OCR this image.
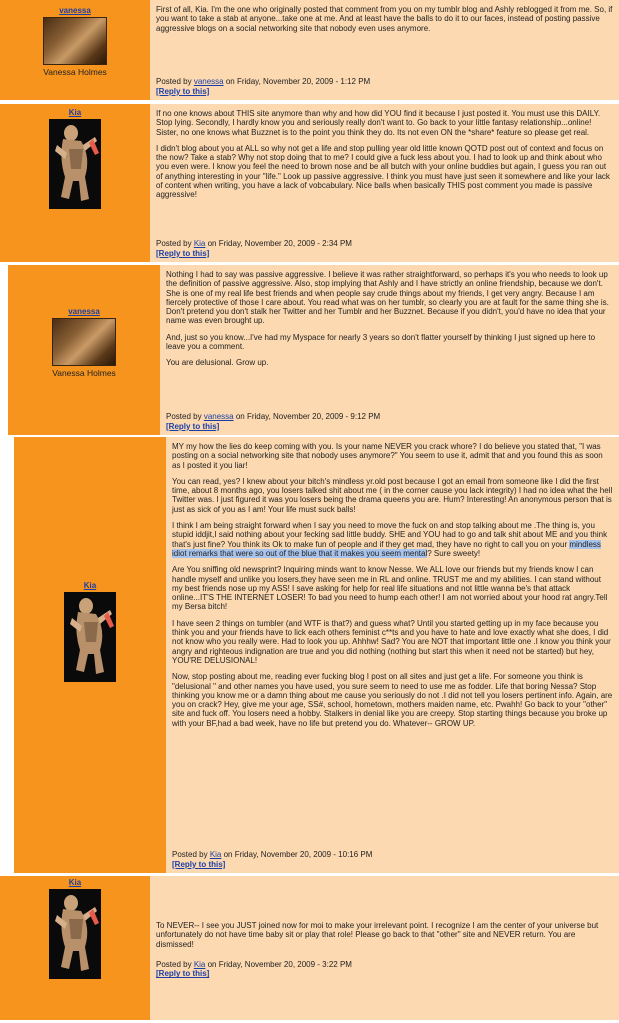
vanessa
Vanessa Holmes

First of all, Kia. I'm the one who originally posted that comment from you on my tumblr blog and Ashly reblogged it from me. So, if you want to take a stab at anyone...take one at me. And at least have the balls to do it to our faces, instead of posting passive aggressive blogs on a social networking site that nobody even uses anymore.

Posted by vanessa on Friday, November 20, 2009 - 1:12 PM
[Reply to this]
Kia	If no one knows about THIS site anymore than why and how did YOU find it because I just posted it. You must use this DAILY. Stop lying. Secondly, I hardly know you and seriously really don't want to. Go back to your little fantasy relationship...online! Sister, no one knows what Buzznet is to the point you think they do. Its not even ON the *share* feature so please get real.

I didn't blog about you at ALL so why not get a life and stop pulling year old little known QOTD post out of context and focus on the now? Take a stab? Why not stop doing that to me? I could give a fuck less about you. I had to look up and think about who you even were. I know you feel the need to brown nose and be all butch with your online buddies but again, I guess you ran out of anything interesting in your "life." Look up passive aggressive. I think you must have just seen it somewhere and like your lack of content when writing, you have a lack of vobcabulary. Nice balls when basically THIS post comment you made is passive aggressive!

Posted by Kia on Friday, November 20, 2009 - 2:34 PM
[Reply to this]
vanessa
Vanessa Holmes

Nothing I had to say was passive aggressive. I believe it was rather straightforward, so perhaps it's you who needs to look up the definition of passive aggressive. Also, stop implying that Ashly and I have strictly an online friendship, because we don't. She is one of my real life best friends and when people say crude things about my friends, I get very angry. Because I am fiercely protective of those I care about. You read what was on her tumblr, so clearly you are at fault for the same thing she is. Don't pretend you don't stalk her Twitter and her Tumblr and her Buzznet. Because if you didn't, you'd have no idea that your name was even brought up.

And, just so you know...I've had my Myspace for nearly 3 years so don't flatter yourself by thinking I just signed up here to leave you a comment.

You are delusional. Grow up.

Posted by vanessa on Friday, November 20, 2009 - 9:12 PM
[Reply to this]
Kia

MY my how the lies do keep coming with you. Is your name NEVER you crack whore? I do believe you stated that, "I was posting on a social networking site that nobody uses anymore?" You seem to use it, admit that and you found this as soon as I posted it you liar!

You can read, yes? I knew about your bitch's mindless yr.old post because I got an email from someone like I did the first time, about 8 months ago, you losers talked shit about me ( in the corner cause you lack integrity) I had no idea what the hell Twitter was. I just figured it was you losers being the drama queens you are. Hum? Interesting! An anonymous person that is just as sick of you as I am! Your life must suck balls!

I think I am being straight forward when I say you need to move the fuck on and stop talking about me .The thing is, you stupid iddjit,I said nothing about your fecking sad little buddy. SHE and YOU had to go and talk shit about ME and you think that's just fine? You think its Ok to make fun of people and if they get mad, they have no right to call you on your mindless idiot remarks that were so out of the blue that it makes you seem mental? Sure sweety!

Are You sniffing old newsprint? Inquiring minds want to know Nesse. We ALL love our friends but my friends know I can handle myself and unlike you losers,they have seen me in RL and online. TRUST me and my abilities. I can stand without my best friends nose up my ASS! I save asking for help for real life situations and not little wanna be's that attack online...IT'S THE INTERNET LOSER! To bad you need to hump each other! I am not worried about your hood rat angry.Tell my Bersa bitch!

I have seen 2 things on tumbler (and WTF is that?) and guess what? Until you started getting up in my face because you think you and your friends have to lick each others feminist c**ts and you have to hate and love exactly what she does, I did not know who you really were. Had to look you up. Ahhhw! Sad? You are NOT that important little one .I know you think your angry and righteous indignation are true and you did nothing (nothing but start this when it need not be started) but hey, YOU'RE DELUSIONAL!

Now, stop posting about me, reading ever fucking blog I post on all sites and just get a life. For someone you think is "delusional " and other names you have used, you sure seem to need to use me as fodder. Life that boring Nessa? Stop thinking you know me or a damn thing about me cause you seriously do not .I did not tell you losers pertinent info. Again, are you on crack? Hey, give me your age, SS#, school, hometown, mothers maiden name, etc. Pwahh! Go back to your "other" site and fuck off. You losers need a hobby. Stalkers in denial like you are creepy. Stop starting things because you broke up with your BF,had a bad week, have no life but pretend you do. Whatever-- GROW UP.

Posted by Kia on Friday, November 20, 2009 - 10:16 PM
[Reply to this]
Kia

To NEVER-- I see you JUST joined now for moi to make your irrelevant point. I recognize I am the center of your universe but unfortunately do not have time baby sit or play that role! Please go back to that "other" site and NEVER return. You are dismissed!

Posted by Kia on Friday, November 20, 2009 - 3:22 PM
[Reply to this]
